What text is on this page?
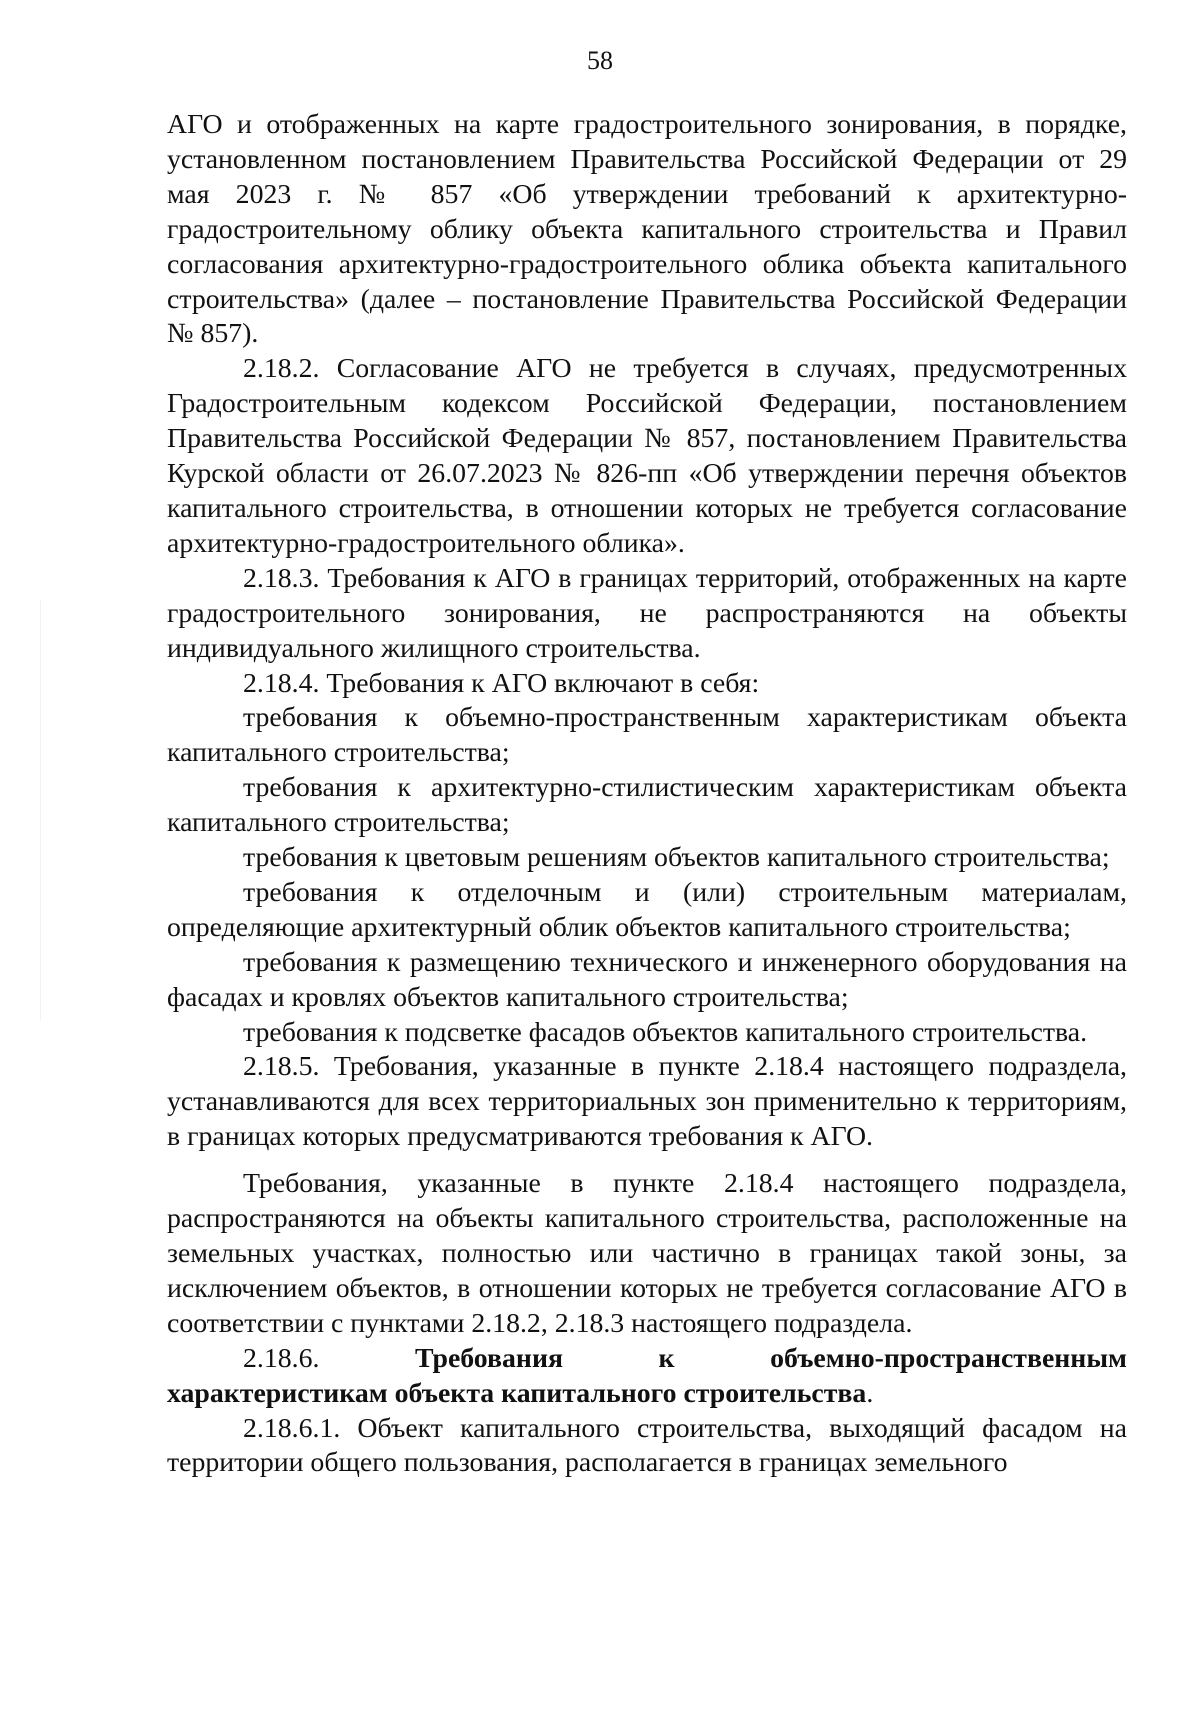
58

АГО и отображенных на карте градостроительного зонирования, в порядке, установленном постановлением Правительства Российской Федерации от 29 мая 2023 г. № 857 «Об утверждении требований к архитектурно-градостроительному облику объекта капитального строительства и Правил согласования архитектурно-градостроительного облика объекта капитального строительства» (далее – постановление Правительства Российской Федерации № 857).

2.18.2. Согласование АГО не требуется в случаях, предусмотренных Градостроительным кодексом Российской Федерации, постановлением Правительства Российской Федерации № 857, постановлением Правительства Курской области от 26.07.2023 № 826-пп «Об утверждении перечня объектов капитального строительства, в отношении которых не требуется согласование архитектурно-градостроительного облика».

2.18.3. Требования к АГО в границах территорий, отображенных на карте градостроительного зонирования, не распространяются на объекты индивидуального жилищного строительства.

2.18.4. Требования к АГО включают в себя:

требования к объемно-пространственным характеристикам объекта капитального строительства;

требования к архитектурно-стилистическим характеристикам объекта капитального строительства;

требования к цветовым решениям объектов капитального строительства;

требования к отделочным и (или) строительным материалам, определяющие архитектурный облик объектов капитального строительства;

требования к размещению технического и инженерного оборудования на фасадах и кровлях объектов капитального строительства;

требования к подсветке фасадов объектов капитального строительства.

2.18.5. Требования, указанные в пункте 2.18.4 настоящего подраздела, устанавливаются для всех территориальных зон применительно к территориям, в границах которых предусматриваются требования к АГО.

Требования, указанные в пункте 2.18.4 настоящего подраздела, распространяются на объекты капитального строительства, расположенные на земельных участках, полностью или частично в границах такой зоны, за исключением объектов, в отношении которых не требуется согласование АГО в соответствии с пунктами 2.18.2, 2.18.3 настоящего подраздела.

2.18.6.	Требования	к	объемно-пространственным

характеристикам объекта капитального строительства.

2.18.6.1. Объект капитального строительства, выходящий фасадом на территории общего пользования, располагается в границах земельного
